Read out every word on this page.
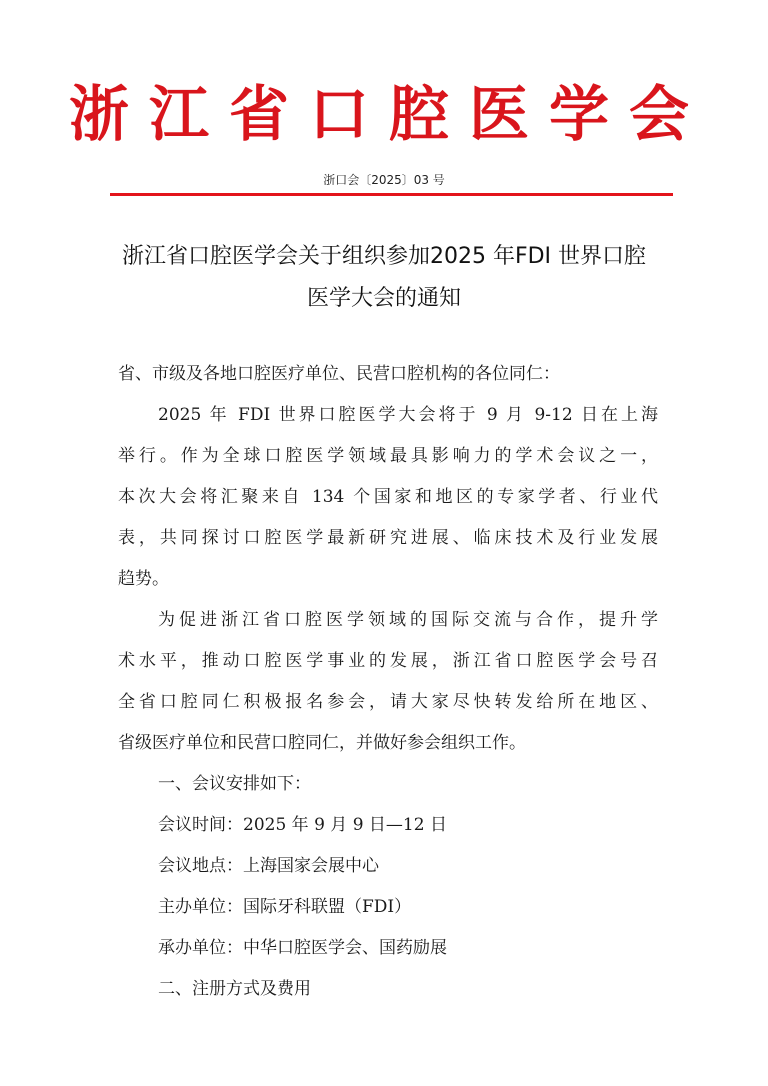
浙江省口腔医学会
浙口会〔2025〕03 号
浙江省口腔医学会关于组织参加2025 年FDI 世界口腔
医学大会的通知
省、市级及各地口腔医疗单位、民营口腔机构的各位同仁：
2025 年 FDI 世界口腔医学大会将于 9 月 9-12 日在上海
举行。作为全球口腔医学领域最具影响力的学术会议之一，
本次大会将汇聚来自 134 个国家和地区的专家学者、行业代
表，共同探讨口腔医学最新研究进展、临床技术及行业发展
趋势。
为促进浙江省口腔医学领域的国际交流与合作，提升学
术水平，推动口腔医学事业的发展，浙江省口腔医学会号召
全省口腔同仁积极报名参会，请大家尽快转发给所在地区、
省级医疗单位和民营口腔同仁，并做好参会组织工作。
一、会议安排如下：
会议时间：2025 年 9 月 9 日—12 日
会议地点：上海国家会展中心
主办单位：国际牙科联盟（FDI）
承办单位：中华口腔医学会、国药励展
二、注册方式及费用
